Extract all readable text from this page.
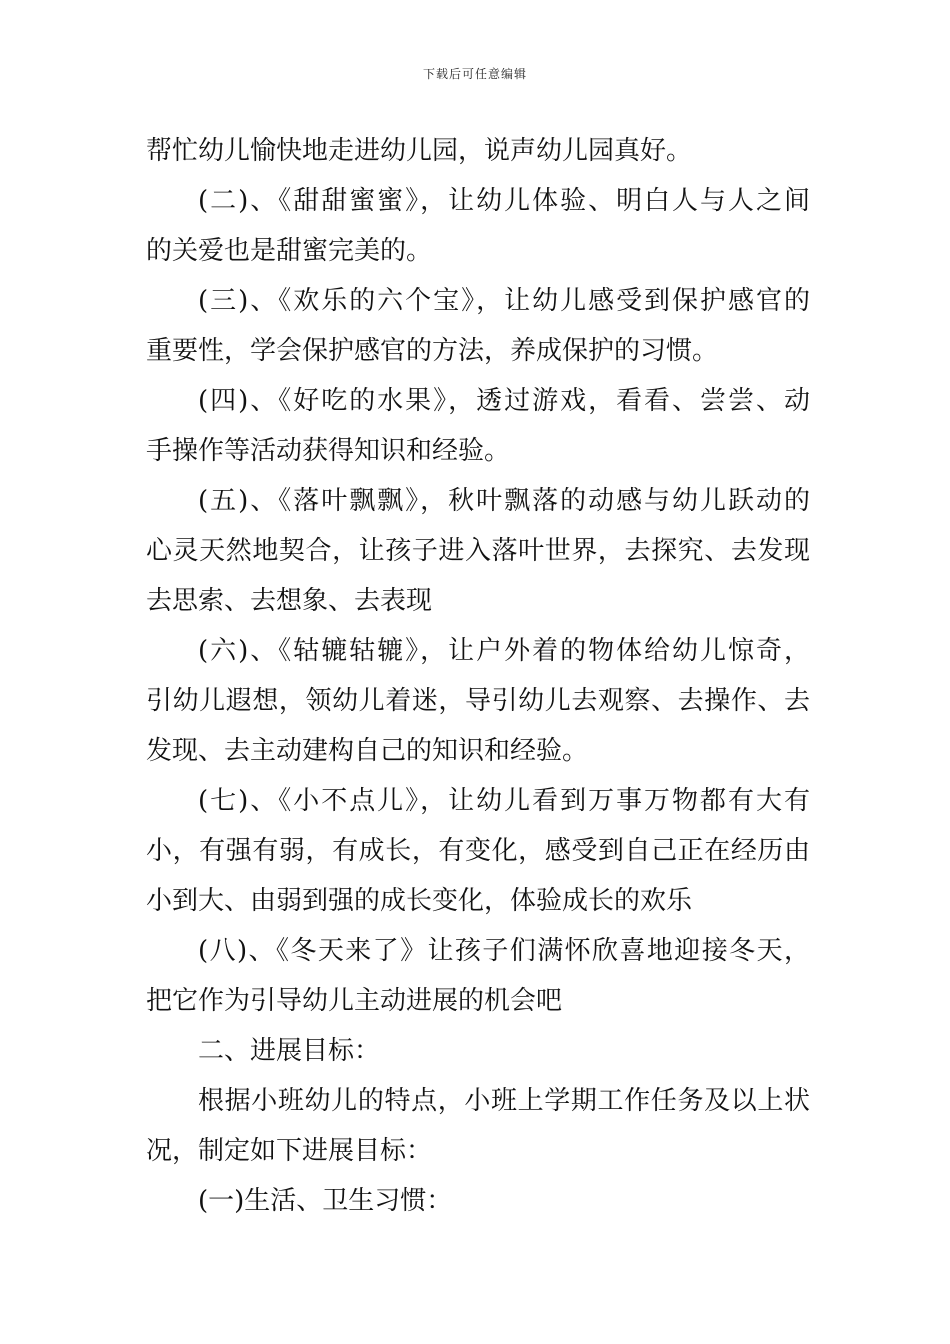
下载后可任意编辑
帮忙幼儿愉快地走进幼儿园，说声幼儿园真好。
(二)、《甜甜蜜蜜》，让幼儿体验、明白人与人之间
的关爱也是甜蜜完美的。
(三)、《欢乐的六个宝》，让幼儿感受到保护感官的
重要性，学会保护感官的方法，养成保护的习惯。
(四)、《好吃的水果》，透过游戏，看看、尝尝、动
手操作等活动获得知识和经验。
(五)、《落叶飘飘》，秋叶飘落的动感与幼儿跃动的
心灵天然地契合，让孩子进入落叶世界，去探究、去发现
去思索、去想象、去表现
(六)、《轱辘轱辘》，让户外着的物体给幼儿惊奇，
引幼儿遐想，领幼儿着迷，导引幼儿去观察、去操作、去
发现、去主动建构自己的知识和经验。
(七)、《小不点儿》，让幼儿看到万事万物都有大有
小，有强有弱，有成长，有变化，感受到自己正在经历由
小到大、由弱到强的成长变化，体验成长的欢乐
(八)、《冬天来了》让孩子们满怀欣喜地迎接冬天，
把它作为引导幼儿主动进展的机会吧
二、进展目标：
根据小班幼儿的特点，小班上学期工作任务及以上状
况，制定如下进展目标：
(一)生活、卫生习惯：
